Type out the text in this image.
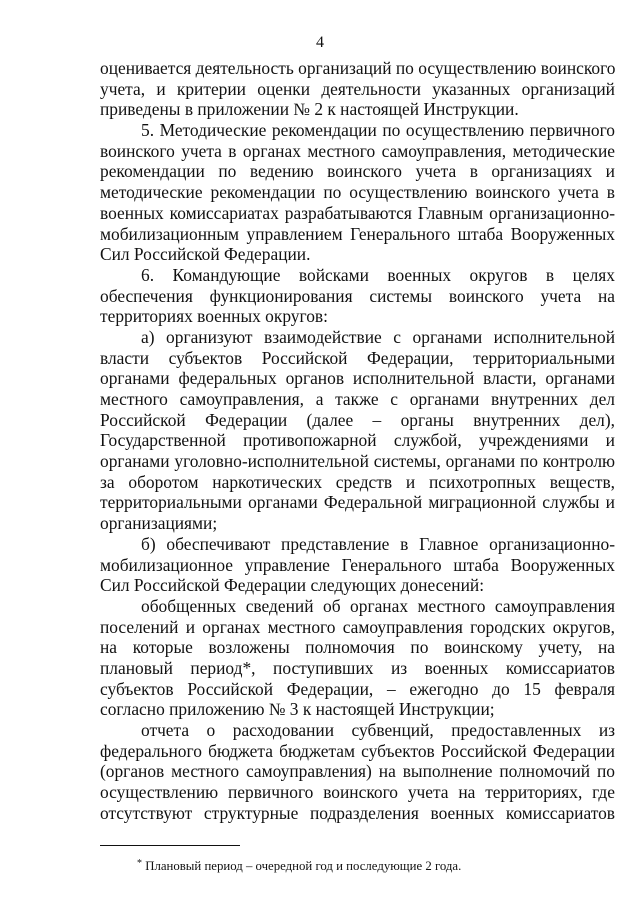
4
оценивается деятельность организаций по осуществлению воинского
учета, и критерии оценки деятельности указанных организаций
приведены в приложении № 2 к настоящей Инструкции.
5. Методические рекомендации по осуществлению первичного
воинского учета в органах местного самоуправления, методические
рекомендации по ведению воинского учета в организациях и
методические рекомендации по осуществлению воинского учета в
военных комиссариатах разрабатываются Главным организационно-
мобилизационным управлением Генерального штаба Вооруженных
Сил Российской Федерации.
6. Командующие войсками военных округов в целях
обеспечения функционирования системы воинского учета на
территориях военных округов:
а) организуют взаимодействие с органами исполнительной
власти субъектов Российской Федерации, территориальными
органами федеральных органов исполнительной власти, органами
местного самоуправления, а также с органами внутренних дел
Российской Федерации (далее – органы внутренних дел),
Государственной противопожарной службой, учреждениями и
органами уголовно-исполнительной системы, органами по контролю
за оборотом наркотических средств и психотропных веществ,
территориальными органами Федеральной миграционной службы и
организациями;
б) обеспечивают представление в Главное организационно-
мобилизационное управление Генерального штаба Вооруженных
Сил Российской Федерации следующих донесений:
обобщенных сведений об органах местного самоуправления
поселений и органах местного самоуправления городских округов,
на которые возложены полномочия по воинскому учету, на
плановый период*, поступивших из военных комиссариатов
субъектов Российской Федерации, – ежегодно до 15 февраля
согласно приложению № 3 к настоящей Инструкции;
отчета о расходовании субвенций, предоставленных из
федерального бюджета бюджетам субъектов Российской Федерации
(органов местного самоуправления) на выполнение полномочий по
осуществлению первичного воинского учета на территориях, где
отсутствуют структурные подразделения военных комиссариатов
* Плановый период – очередной год и последующие 2 года.
